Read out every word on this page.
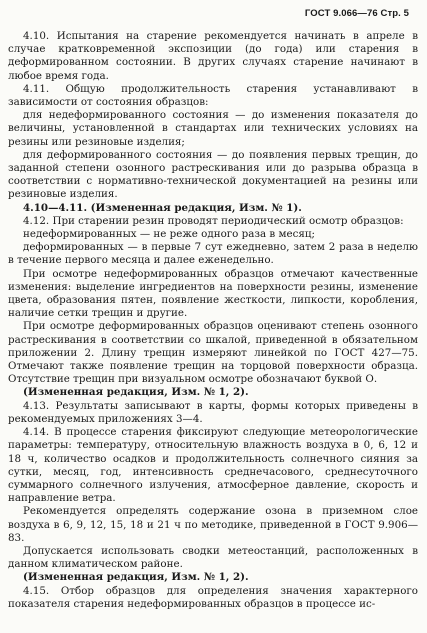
ГОСТ 9.066—76 Стр. 5

4.10. Испытания на старение рекомендуется начинать в апреле в случае кратковременной экспозиции (до года) или старения в деформированном состоянии. В других случаях старение начинают в любое время года.

4.11. Общую продолжительность старения устанавливают в зависимости от состояния образцов:

для недеформированного состояния — до изменения показателя до величины, установленной в стандартах или технических условиях на резины или резиновые изделия;

для деформированного состояния — до появления первых трещин, до заданной степени озонного растрескивания или до разрыва образца в соответствии с нормативно-технической документацией на резины или резиновые изделия.

4.10—4.11. (Измененная редакция, Изм. № 1).

4.12. При старении резин проводят периодический осмотр образцов:

недеформированных — не реже одного раза в месяц;

деформированных — в первые 7 сут ежедневно, затем 2 раза в неделю в течение первого месяца и далее еженедельно.

При осмотре недеформированных образцов отмечают качественные изменения: выделение ингредиентов на поверхности резины, изменение цвета, образования пятен, появление жесткости, липкости, коробления, наличие сетки трещин и другие.

При осмотре деформированных образцов оценивают степень озонного растрескивания в соответствии со шкалой, приведенной в обязательном приложении 2. Длину трещин измеряют линейкой по ГОСТ 427—75. Отмечают также появление трещин на торцовой поверхности образца. Отсутствие трещин при визуальном осмотре обозначают буквой О.

(Измененная редакция, Изм. № 1, 2).

4.13. Результаты записывают в карты, формы которых приведены в рекомендуемых приложениях 3—4.

4.14. В процессе старения фиксируют следующие метеорологические параметры: температуру, относительную влажность воздуха в 0, 6, 12 и 18 ч, количество осадков и продолжительность солнечного сияния за сутки, месяц, год, интенсивность среднечасового, среднесуточного суммарного солнечного излучения, атмосферное давление, скорость и направление ветра.

Рекомендуется определять содержание озона в приземном слое воздуха в 6, 9, 12, 15, 18 и 21 ч по методике, приведенной в ГОСТ 9.906—83.

Допускается использовать сводки метеостанций, расположенных в данном климатическом районе.

(Измененная редакция, Изм. № 1, 2).

4.15. Отбор образцов для определения значения характерного показателя старения недеформированных образцов в процессе ис-
